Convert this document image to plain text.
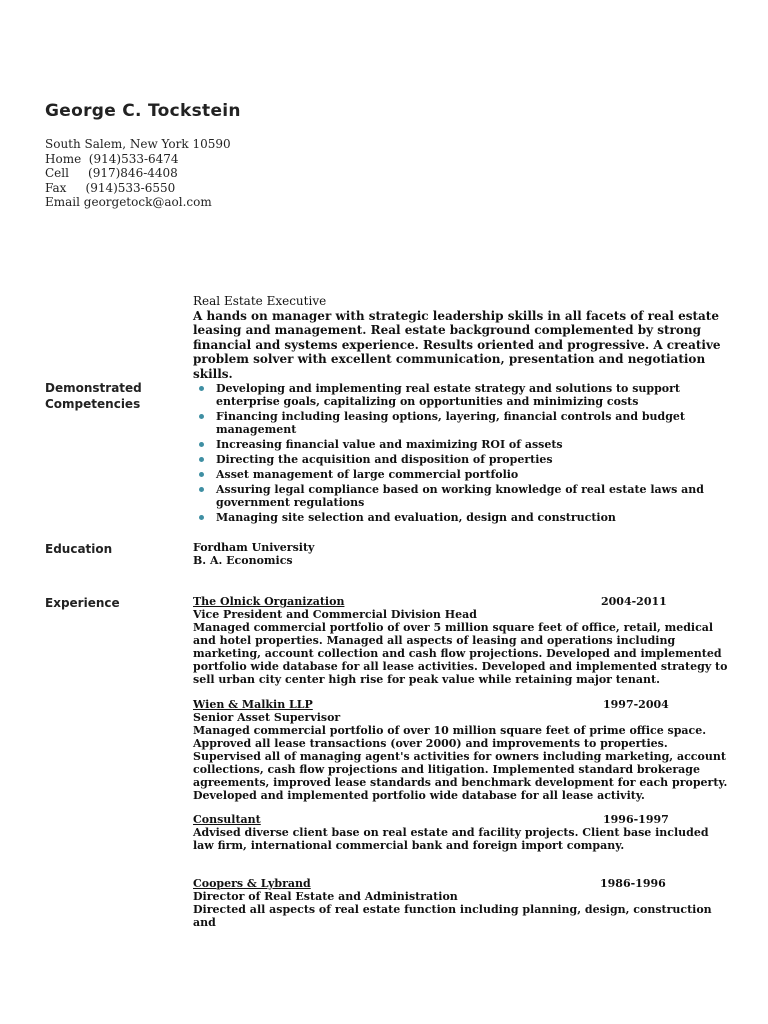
George C. Tockstein
South Salem, New York 10590
Home  (914)533-6474
Cell     (917)846-4408
Fax     (914)533-6550
Email georgetock@aol.com
Real Estate Executive
A hands on manager with strategic leadership skills in all facets of real estate leasing and management. Real estate background complemented by strong financial and systems experience. Results oriented and progressive. A creative problem solver with excellent communication, presentation and negotiation skills.
Demonstrated
Competencies
Developing and implementing real estate strategy and solutions to support enterprise goals, capitalizing on opportunities and minimizing costs
Financing including leasing options, layering, financial controls and budget management
Increasing financial value and maximizing ROI of assets
Directing the acquisition and disposition of properties
Asset management of large commercial portfolio
Assuring legal compliance based on working knowledge of real estate laws and government regulations
Managing site selection and evaluation, design and construction
Education	Fordham University
B. A. Economics
Experience	The Olnick Organization	2004-2011
Vice President and Commercial Division Head
Managed commercial portfolio of over 5 million square feet of office, retail, medical and hotel properties. Managed all aspects of leasing and operations including marketing, account collection and cash flow projections. Developed and implemented portfolio wide database for all lease activities. Developed and implemented strategy to sell urban city center high rise for peak value while retaining major tenant.
Wien & Malkin LLP	1997-2004
Senior Asset Supervisor
Managed commercial portfolio of over 10 million square feet of prime office space. Approved all lease transactions (over 2000) and improvements to properties. Supervised all of managing agent's activities for owners including marketing, account collections, cash flow projections and litigation. Implemented standard brokerage agreements, improved lease standards and benchmark development for each property. Developed and implemented portfolio wide database for all lease activity.
Consultant	1996-1997
Advised diverse client base on real estate and facility projects. Client base included law firm, international commercial bank and foreign import company.
Coopers & Lybrand	1986-1996
Director of Real Estate and Administration
Directed all aspects of real estate function including planning, design, construction and
